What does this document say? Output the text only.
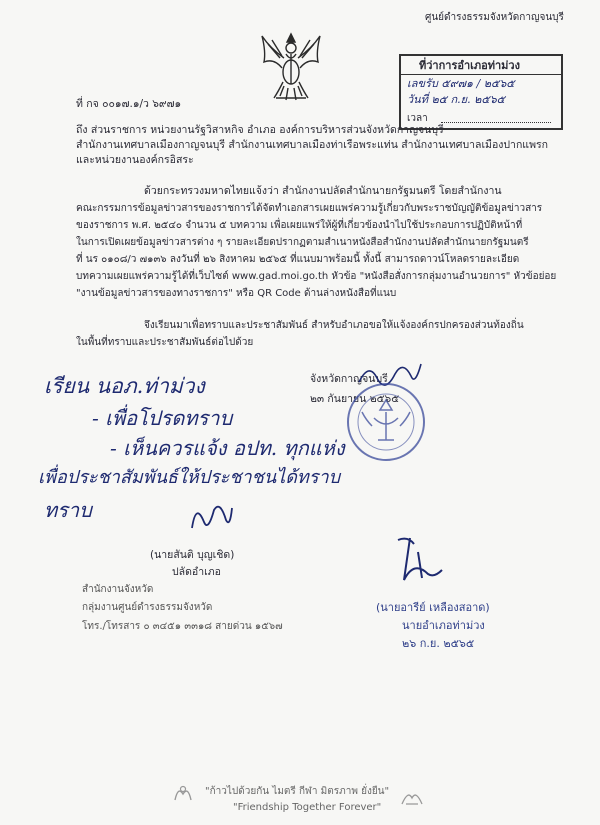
ศูนย์ดำรงธรรมจังหวัดกาญจนบุรี
ที่ว่าการอำเภอท่าม่วง
เลขรับ ๕๙๗๑ / ๒๕๖๕
วันที่ ๒๕ ก.ย. ๒๕๖๕
เวลา
ที่ กจ ๐๐๑๗.๑/ว ๖๙๗๑
ถึง ส่วนราชการ หน่วยงานรัฐวิสาหกิจ อำเภอ องค์การบริหารส่วนจังหวัดกาญจนบุรี
สำนักงานเทศบาลเมืองกาญจนบุรี สำนักงานเทศบาลเมืองท่าเรือพระแท่น สำนักงานเทศบาลเมืองปากแพรก
และหน่วยงานองค์กรอิสระ
ด้วยกระทรวงมหาดไทยแจ้งว่า สำนักงานปลัดสำนักนายกรัฐมนตรี โดยสำนักงาน
คณะกรรมการข้อมูลข่าวสารของราชการได้จัดทำเอกสารเผยแพร่ความรู้เกี่ยวกับพระราชบัญญัติข้อมูลข่าวสาร
ของราชการ พ.ศ. ๒๕๔๐ จำนวน ๕ บทความ เพื่อเผยแพร่ให้ผู้ที่เกี่ยวข้องนำไปใช้ประกอบการปฏิบัติหน้าที่
ในการเปิดเผยข้อมูลข่าวสารต่าง ๆ รายละเอียดปรากฏตามสำเนาหนังสือสำนักงานปลัดสำนักนายกรัฐมนตรี
ที่ นร ๐๑๐๘/ว ๗๑๓๖ ลงวันที่ ๒๖ สิงหาคม ๒๕๖๕ ที่แนบมาพร้อมนี้ ทั้งนี้ สามารถดาวน์โหลดรายละเอียด
บทความเผยแพร่ความรู้ได้ที่เว็บไซต์ www.gad.moi.go.th หัวข้อ "หนังสือสั่งการกลุ่มงานอำนวยการ" หัวข้อย่อย
"งานข้อมูลข่าวสารของทางราชการ" หรือ QR Code ด้านล่างหนังสือที่แนบ
จึงเรียนมาเพื่อทราบและประชาสัมพันธ์ สำหรับอำเภอขอให้แจ้งองค์กรปกครองส่วนท้องถิ่น
ในพื้นที่ทราบและประชาสัมพันธ์ต่อไปด้วย
จังหวัดกาญจนบุรี
๒๓ กันยายน ๒๕๖๕
เรียน นอภ.ท่าม่วง
- เพื่อโปรดทราบ
- เห็นควรแจ้ง อปท. ทุกแห่ง
เพื่อประชาสัมพันธ์ให้ประชาชนได้ทราบ
ทราบ
(นายสันติ บุญเชิด)
ปลัดอำเภอ
สำนักงานจังหวัด
กลุ่มงานศูนย์ดำรงธรรมจังหวัด
โทร./โทรสาร ๐ ๓๔๕๑ ๓๓๑๘ สายด่วน ๑๕๖๗
(นายอารีย์ เหลืองสอาด)
นายอำเภอท่าม่วง
๒๖ ก.ย. ๒๕๖๕
"ก้าวไปด้วยกัน ไมตรี กีฬา มิตรภาพ ยั่งยืน"
"Friendship Together Forever"
